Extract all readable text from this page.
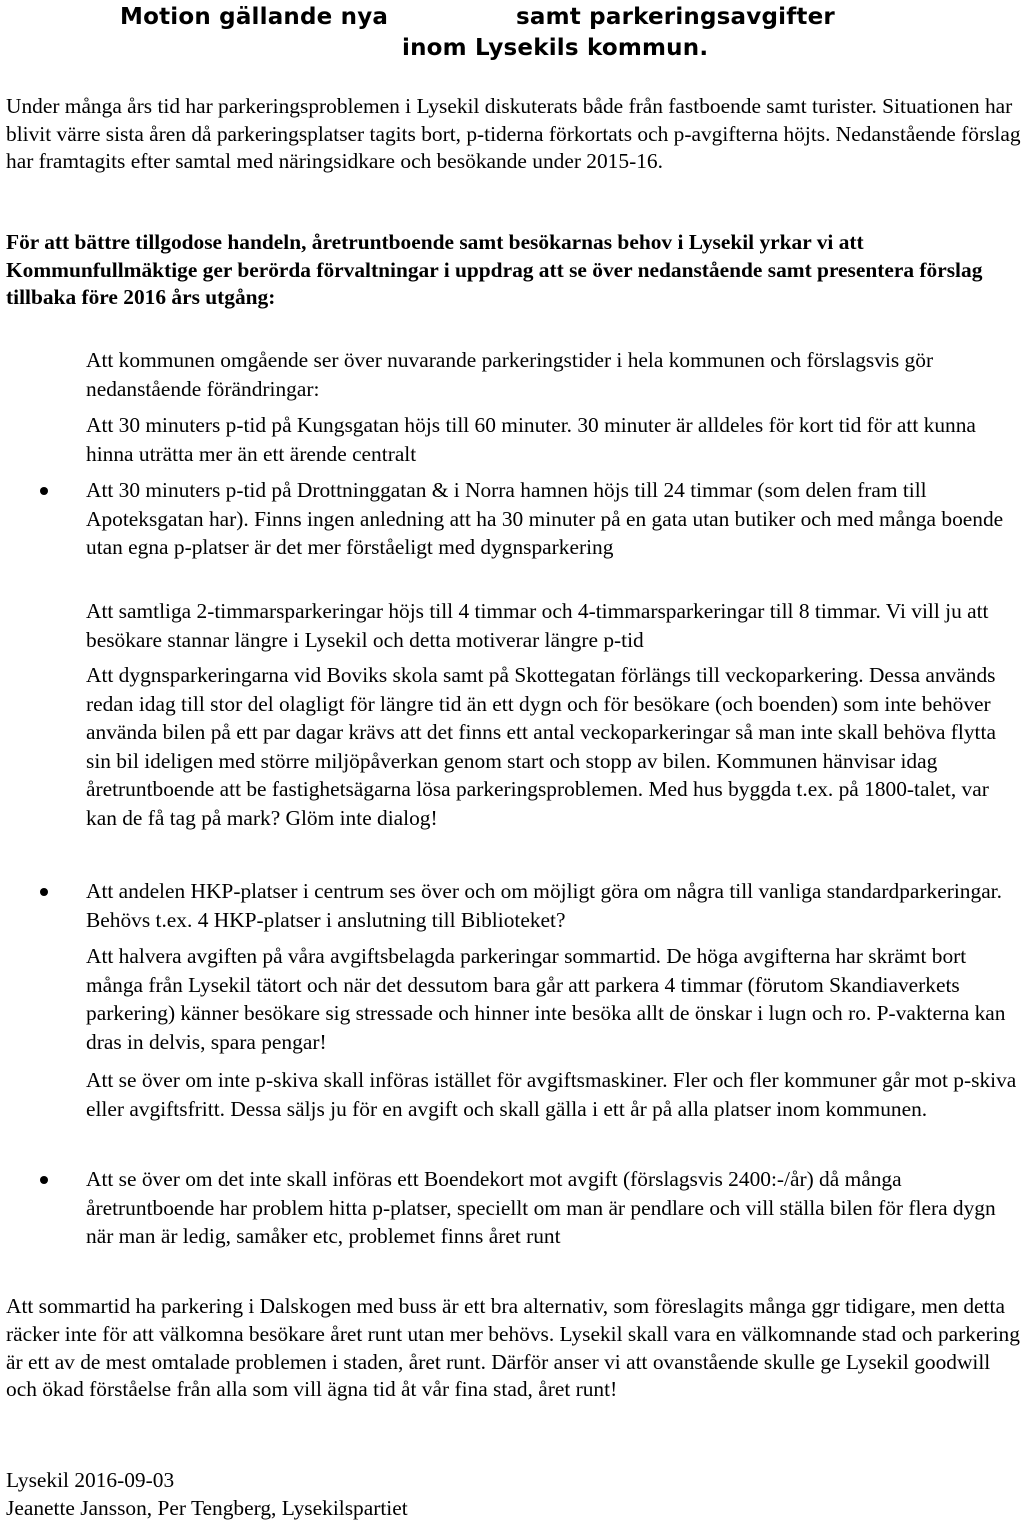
Motion gällande nya	samt parkeringsavgifter
inom Lysekils kommun.
Under många års tid har parkeringsproblemen i Lysekil diskuterats både från fastboende samt turister. Situationen har blivit värre sista åren då parkeringsplatser tagits bort, p-tiderna förkortats och p-avgifterna höjts. Nedanstående förslag har framtagits efter samtal med näringsidkare och besökande under 2015-16.
För att bättre tillgodose handeln, åretruntboende samt besökarnas behov i Lysekil yrkar vi att Kommunfullmäktige ger berörda förvaltningar i uppdrag att se över nedanstående samt presentera förslag tillbaka före 2016 års utgång:
Att kommunen omgående ser över nuvarande parkeringstider i hela kommunen och förslagsvis gör nedanstående förändringar:
Att 30 minuters p-tid på Kungsgatan höjs till 60 minuter. 30 minuter är alldeles för kort tid för att kunna hinna uträtta mer än ett ärende centralt
Att 30 minuters p-tid på Drottninggatan & i Norra hamnen höjs till 24 timmar (som delen fram till Apoteksgatan har). Finns ingen anledning att ha 30 minuter på en gata utan butiker och med många boende utan egna p-platser är det mer förståeligt med dygnsparkering
Att samtliga 2-timmarsparkeringar höjs till 4 timmar och 4-timmarsparkeringar till 8 timmar. Vi vill ju att besökare stannar längre i Lysekil och detta motiverar längre p-tid
Att dygnsparkeringarna vid Boviks skola samt på Skottegatan förlängs till veckoparkering. Dessa används redan idag till stor del olagligt för längre tid än ett dygn och för besökare (och boenden) som inte behöver använda bilen på ett par dagar krävs att det finns ett antal veckoparkeringar så man inte skall behöva flytta sin bil ideligen med större miljöpåverkan genom start och stopp av bilen. Kommunen hänvisar idag åretruntboende att be fastighetsägarna lösa parkeringsproblemen. Med hus byggda t.ex. på 1800-talet, var kan de få tag på mark? Glöm inte dialog!
Att andelen HKP-platser i centrum ses över och om möjligt göra om några till vanliga standardparkeringar. Behövs t.ex. 4 HKP-platser i anslutning till Biblioteket?
Att halvera avgiften på våra avgiftsbelagda parkeringar sommartid. De höga avgifterna har skrämt bort många från Lysekil tätort och när det dessutom bara går att parkera 4 timmar (förutom Skandiaverkets parkering) känner besökare sig stressade och hinner inte besöka allt de önskar i lugn och ro. P-vakterna kan dras in delvis, spara pengar!
Att se över om inte p-skiva skall införas istället för avgiftsmaskiner. Fler och fler kommuner går mot p-skiva eller avgiftsfritt. Dessa säljs ju för en avgift och skall gälla i ett år på alla platser inom kommunen.
Att se över om det inte skall införas ett Boendekort mot avgift (förslagsvis 2400:-/år) då många åretruntboende har problem hitta p-platser, speciellt om man är pendlare och vill ställa bilen för flera dygn när man är ledig, samåker etc, problemet finns året runt
Att sommartid ha parkering i Dalskogen med buss är ett bra alternativ, som föreslagits många ggr tidigare, men detta räcker inte för att välkomna besökare året runt utan mer behövs. Lysekil skall vara en välkomnande stad och parkering är ett av de mest omtalade problemen i staden, året runt. Därför anser vi att ovanstående skulle ge Lysekil goodwill och ökad förståelse från alla som vill ägna tid åt vår fina stad, året runt!
Lysekil 2016-09-03
Jeanette Jansson, Per Tengberg, Lysekilspartiet
